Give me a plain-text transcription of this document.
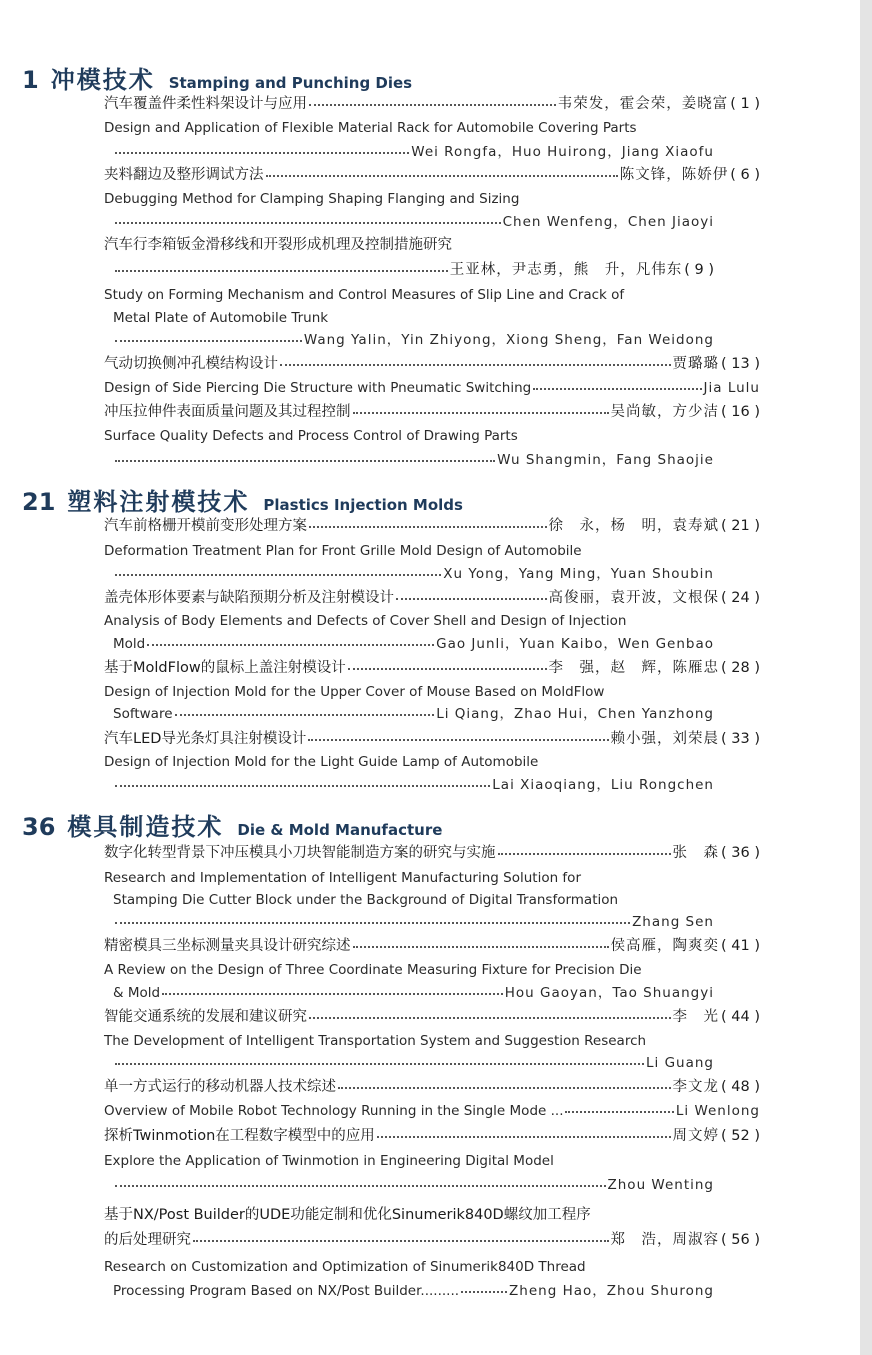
1 冲模技术 Stamping and Punching Dies
汽车覆盖件柔性料架设计与应用	韦荣发，霍会荣，姜晓富 ( 1 )
Design and Application of Flexible Material Rack for Automobile Covering Parts
Wei Rongfa，Huo Huirong，Jiang Xiaofu
夹料翻边及整形调试方法	陈文锋，陈娇伊 ( 6 )
Debugging Method for Clamping Shaping Flanging and Sizing
Chen Wenfeng，Chen Jiaoyi
汽车行李箱钣金滑移线和开裂形成机理及控制措施研究
王亚林，尹志勇，熊　升，凡伟东 ( 9 )
Study on Forming Mechanism and Control Measures of Slip Line and Crack of
Metal Plate of Automobile Trunk
Wang Yalin，Yin Zhiyong，Xiong Sheng，Fan Weidong
气动切换侧冲孔模结构设计	贾璐璐 ( 13 )
Design of Side Piercing Die Structure with Pneumatic Switching	Jia Lulu
冲压拉伸件表面质量问题及其过程控制	吴尚敏，方少洁 ( 16 )
Surface Quality Defects and Process Control of Drawing Parts
Wu Shangmin，Fang Shaojie
21 塑料注射模技术 Plastics Injection Molds
汽车前格栅开模前变形处理方案	徐　永，杨　明，袁寿斌 ( 21 )
Deformation Treatment Plan for Front Grille Mold Design of Automobile
Xu Yong，Yang Ming，Yuan Shoubin
盖壳体形体要素与缺陷预期分析及注射模设计	高俊丽，袁开波，文根保 ( 24 )
Analysis of Body Elements and Defects of Cover Shell and Design of Injection
Mold	Gao Junli，Yuan Kaibo，Wen Genbao
基于MoldFlow的鼠标上盖注射模设计	李　强，赵　辉，陈雁忠 ( 28 )
Design of Injection Mold for the Upper Cover of Mouse Based on MoldFlow
Software	Li Qiang，Zhao Hui，Chen Yanzhong
汽车LED导光条灯具注射模设计	赖小强，刘荣晨 ( 33 )
Design of Injection Mold for the Light Guide Lamp of Automobile
Lai Xiaoqiang，Liu Rongchen
36 模具制造技术 Die & Mold Manufacture
数字化转型背景下冲压模具小刀块智能制造方案的研究与实施	张　森 ( 36 )
Research and Implementation of Intelligent Manufacturing Solution for
Stamping Die Cutter Block under the Background of Digital Transformation
Zhang Sen
精密模具三坐标测量夹具设计研究综述	侯高雁，陶爽奕 ( 41 )
A Review on the Design of Three Coordinate Measuring Fixture for Precision Die
& Mold	Hou Gaoyan，Tao Shuangyi
智能交通系统的发展和建议研究	李　光 ( 44 )
The Development of Intelligent Transportation System and Suggestion Research
Li Guang
单一方式运行的移动机器人技术综述	李文龙 ( 48 )
Overview of Mobile Robot Technology Running in the Single Mode ...	Li Wenlong
探析Twinmotion在工程数字模型中的应用	周文婷 ( 52 )
Explore the Application of Twinmotion in Engineering Digital Model
Zhou Wenting
基于NX/Post Builder的UDE功能定制和优化Sinumerik840D螺纹加工程序
的后处理研究	郑　浩，周淑容 ( 56 )
Research on Customization and Optimization of Sinumerik840D Thread
Processing Program Based on NX/Post Builder.........	Zheng Hao，Zhou Shurong
